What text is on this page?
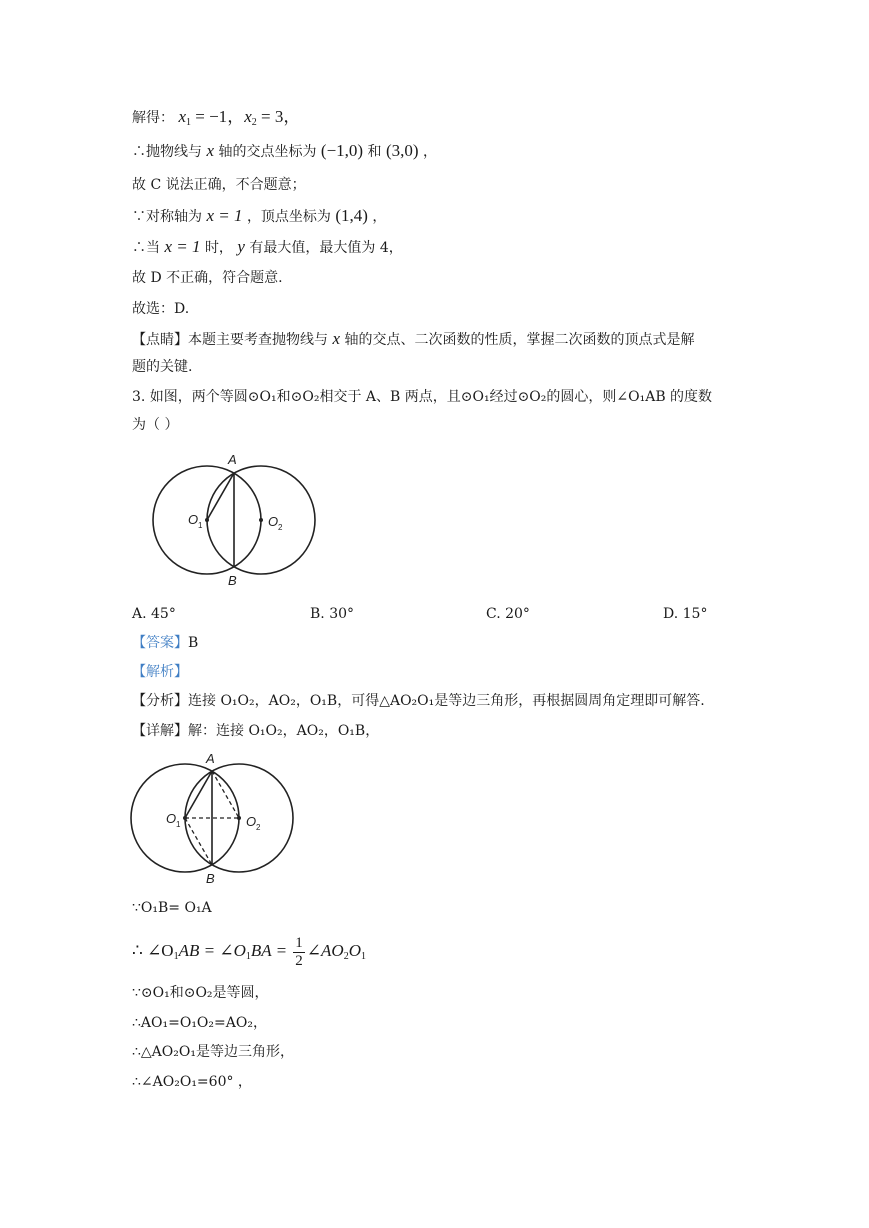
解得： $x_1 = -1$，$x_2 = 3$，
∴抛物线与 x 轴的交点坐标为 (−1,0) 和 (3,0) ，
故 C 说法正确，不合题意；
∵对称轴为 x = 1 ，顶点坐标为 (1,4) ，
∴当 x = 1 时， y 有最大值，最大值为 4，
故 D 不正确，符合题意.
故选：D.
【点睛】本题主要考查抛物线与 x 轴的交点、二次函数的性质，掌握二次函数的顶点式是解
题的关键.
3. 如图，两个等圆⊙O₁和⊙O₂相交于 A、B 两点，且⊙O₁经过⊙O₂的圆心，则∠O₁AB 的度数
为（ ）
A
B
O 1	O 2
A. 45°	B. 30°	C. 20°	D. 15°
【答案】B
【解析】
【分析】连接 O₁O₂，AO₂，O₁B，可得△AO₂O₁是等边三角形，再根据圆周角定理即可解答.
【详解】解：连接 O₁O₂，AO₂，O₁B，
A
B
O 1	O 2
∵O₁B= O₁A
∴ $\angle O_1AB$ = $\angle O_1BA = \frac{1}{2}$ $\angle AO_2O_1$
∵⊙O₁和⊙O₂是等圆，
∴AO₁=O₁O₂=AO₂，
∴△AO₂O₁是等边三角形，
∴∠AO₂O₁=60° ，
